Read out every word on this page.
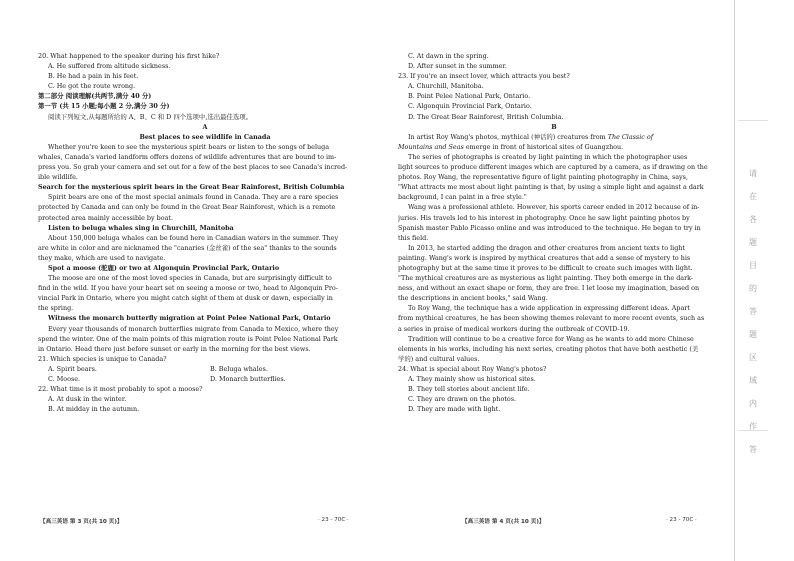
20. What happened to the speaker during his first hike?
A. He suffered from altitude sickness.
B. He had a pain in his feet.
C. He got the route wrong.
第二部分 阅读理解(共两节,满分 40 分)
第一节 (共 15 小题;每小题 2 分,满分 30 分)
阅读下列短文,从每题所给的 A、B、C 和 D 四个选项中,选出最佳选项。
A
Best places to see wildlife in Canada
Whether you're keen to see the mysterious spirit bears or listen to the songs of beluga
whales, Canada's varied landform offers dozens of wildlife adventures that are bound to im-
press you. So grab your camera and set out for a few of the best places to see Canada's incred-
ible wildlife.
Search for the mysterious spirit bears in the Great Bear Rainforest, British Columbia
Spirit bears are one of the most special animals found in Canada. They are a rare species
protected by Canada and can only be found in the Great Bear Rainforest, which is a remote
protected area mainly accessible by boat.
Listen to beluga whales sing in Churchill, Manitoba
About 150,000 beluga whales can be found here in Canadian waters in the summer. They
are white in color and are nicknamed the "canaries (金丝雀) of the sea" thanks to the sounds
they make, which are used to navigate.
Spot a moose (驼鹿) or two at Algonquin Provincial Park, Ontario
The moose are one of the most loved species in Canada, but are surprisingly difficult to
find in the wild. If you have your heart set on seeing a moose or two, head to Algonquin Pro-
vincial Park in Ontario, where you might catch sight of them at dusk or dawn, especially in
the spring.
Witness the monarch butterfly migration at Point Pelee National Park, Ontario
Every year thousands of monarch butterflies migrate from Canada to Mexico, where they
spend the winter. One of the main points of this migration route is Point Pelee National Park
in Ontario. Head there just before sunset or early in the morning for the best views.
21. Which species is unique to Canada?
A. Spirit bears.	B. Beluga whales.
C. Moose.	D. Monarch butterflies.
22. What time is it most probably to spot a moose?
A. At dusk in the winter.
B. At midday in the autumn.
【高三英语 第 3 页(共 10 页)】	· 23 - 70C ·
C. At dawn in the spring.
D. After sunset in the summer.
23. If you're an insect lover, which attracts you best?
A. Churchill, Manitoba.
B. Point Pelee National Park, Ontario.
C. Algonquin Provincial Park, Ontario.
D. The Great Bear Rainforest, British Columbia.
B
In artist Roy Wang's photos, mythical (神话的) creatures from The Classic of
Mountains and Seas emerge in front of historical sites of Guangzhou.
The series of photographs is created by light painting in which the photographer uses
light sources to produce different images which are captured by a camera, as if drawing on the
photos. Roy Wang, the representative figure of light painting photography in China, says,
"What attracts me most about light painting is that, by using a simple light and against a dark
background, I can paint in a free style."
Wang was a professional athlete. However, his sports career ended in 2012 because of in-
juries. His travels led to his interest in photography. Once he saw light painting photos by
Spanish master Pablo Picasso online and was introduced to the technique. He began to try in
this field.
In 2013, he started adding the dragon and other creatures from ancient texts to light
painting. Wang's work is inspired by mythical creatures that add a sense of mystery to his
photography but at the same time it proves to be difficult to create such images with light.
"The mythical creatures are as mysterious as light painting. They both emerge in the dark-
ness, and without an exact shape or form, they are free. I let loose my imagination, based on
the descriptions in ancient books," said Wang.
To Roy Wang, the technique has a wide application in expressing different ideas. Apart
from mythical creatures, he has been showing themes relevant to more recent events, such as
a series in praise of medical workers during the outbreak of COVID-19.
Tradition will continue to be a creative force for Wang as he wants to add more Chinese
elements in his works, including his next series, creating photos that have both aesthetic (美
学的) and cultural values.
24. What is special about Roy Wang's photos?
A. They mainly show us historical sites.
B. They tell stories about ancient life.
C. They are drawn on the photos.
D. They are made with light.
【高三英语 第 4 页(共 10 页)】	· 23 - 70C ·
请
在
各
题
目
的
答
题
区
域
内
作
答
